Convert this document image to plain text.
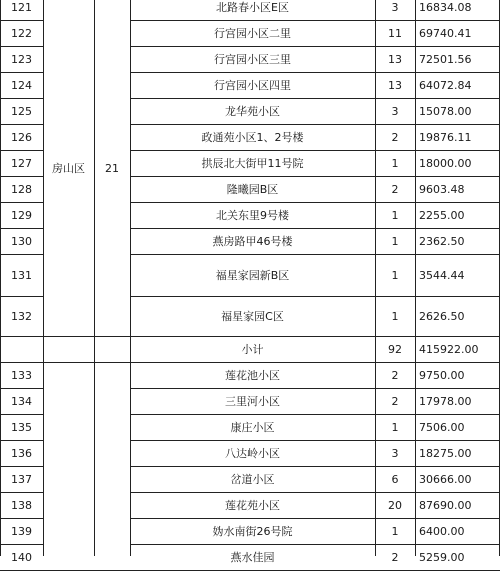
房山区 21
121	北路春小区E区	3	16834.08
122	行宫园小区二里	11	69740.41
123	行宫园小区三里	13	72501.56
124	行宫园小区四里	13	64072.84
125	龙华苑小区	3	15078.00
126	政通苑小区1、2号楼	2	19876.11
127	拱辰北大街甲11号院	1	18000.00
128	隆曦园B区	2	9603.48
129	北关东里9号楼	1	2255.00
130	燕房路甲46号楼	1	2362.50
131	福星家园新B区	1	3544.44
132	福星家园C区	1	2626.50
小计	92	415922.00
133	莲花池小区	2	9750.00
134	三里河小区	2	17978.00
135	康庄小区	1	7506.00
136	八达岭小区	3	18275.00
137	岔道小区	6	30666.00
138	莲花苑小区	20	87690.00
139	妫水南街26号院	1	6400.00
140	燕水佳园	2	5259.00
